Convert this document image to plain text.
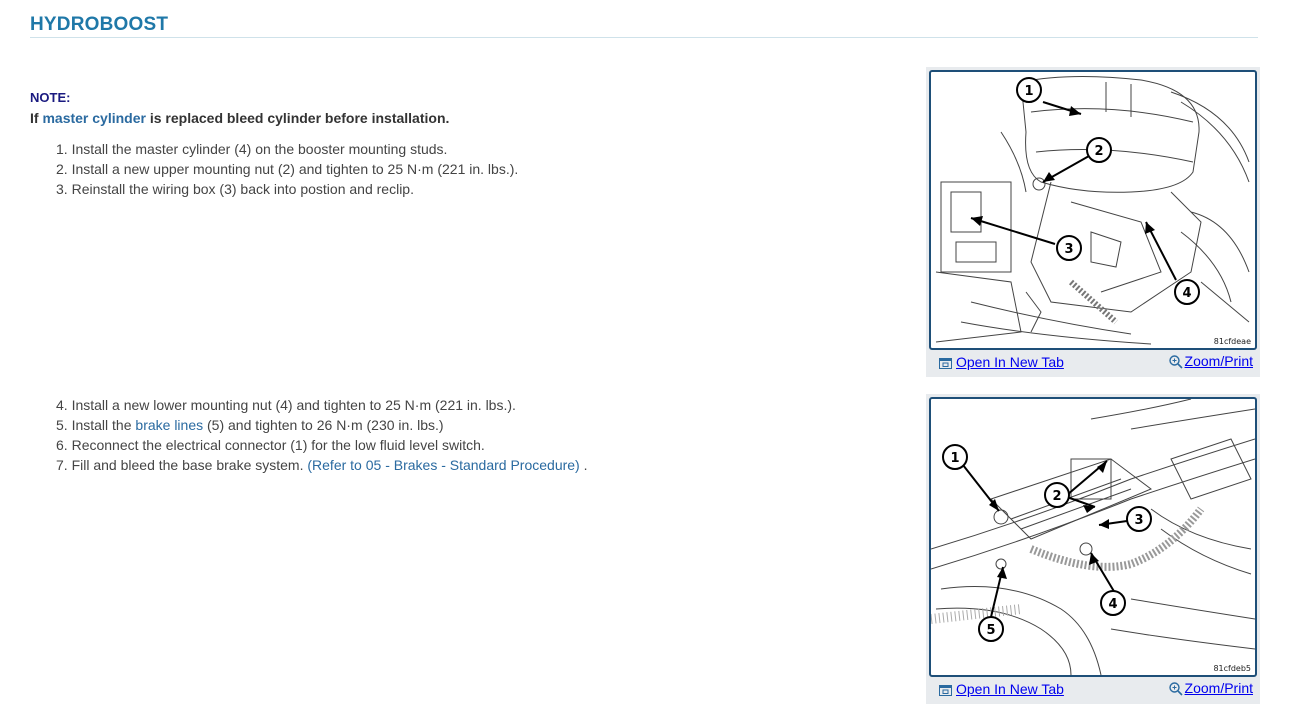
HYDROBOOST
NOTE:
If master cylinder is replaced bleed cylinder before installation.
1. Install the master cylinder (4) on the booster mounting studs.
2. Install a new upper mounting nut (2) and tighten to 25 N·m (221 in. lbs.).
3. Reinstall the wiring box (3) back into postion and reclip.
4. Install a new lower mounting nut (4) and tighten to 25 N·m (221 in. lbs.).
5. Install the brake lines (5) and tighten to 26 N·m (230 in. lbs.)
6. Reconnect the electrical connector (1) for the low fluid level switch.
7. Fill and bleed the base brake system. (Refer to 05 - Brakes - Standard Procedure) .
1
2
3
4
81cfdeae
Open In New Tab	Zoom/Print
1
2
3
4
5
81cfdeb5
Open In New Tab	Zoom/Print
